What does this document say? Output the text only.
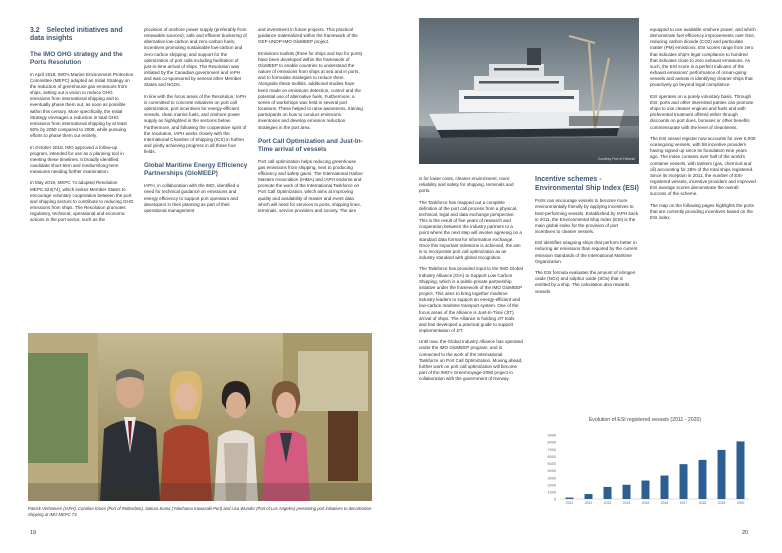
3.2 Selected initiatives and data insights
The IMO GHG strategy and the Ports Resolution

In April 2018, IMO's Marine Environment Protection Committee (MEPC) adopted an Initial Strategy on the reduction of greenhouse gas emissions from ships, setting out a vision to reduce GHG emissions from international shipping and to eventually phase them out, as soon as possible within this century. More specifically, the Initial Strategy envisages a reduction in total GHG emissions from international shipping by at least 50% by 2050 compared to 2008, while pursuing efforts to phase them out entirely.

In October 2018, IMO approved a follow-up program, intended for use as a planning tool in meeting these timelines. It broadly identified candidate short-term and medium/long-term measures needing further examination.

In May 2019, MEPC 74 adopted Resolution MEPC.323(74), which invites Member States to encourage voluntary cooperation between the port and shipping sectors to contribute to reducing GHG emissions from ships. The Resolution promotes regulatory, technical, operational and economic actions in the port sector, such as the

provision of onshore power supply (preferably from renewable sources); safe and efficient bunkering of alternative low-carbon and zero-carbon fuels; incentives promoting sustainable low-carbon and zero-carbon shipping; and support for the optimization of port calls including facilitation of just-in-time arrival of ships. The Resolution was initiated by the Canadian government and IAPH and was co-sponsored by several other Member States and NGOs.

In line with the focus areas of the Resolution, IAPH is committed to concrete initiatives on port call optimization, port incentives for energy-efficient vessels, clean marine fuels, and onshore power supply as highlighted in the sections below. Furthermore, and following the cooperative spirit of the resolution, IAPH works closely with the International Chamber of Shipping (ICS) in further and jointly achieving progress in all these four fields.

Global Maritime Energy Efficiency Partnerships (GloMEEP)

IAPH, in collaboration with the IMO, identified a need for technical guidance on emissions and energy efficiency to support port operators and developers in their planning as part of their operational management

and investment in future projects. This practical guidance materialized within the framework of the GEF-UNDP-IMO GloMEEP project.

Emissions toolkits (three for ships and two for ports) have been developed within the framework of GloMEEP to enable countries to understand the nature of emissions from ships at sea and in ports, and to formulate strategies to reduce them. Alongside these toolkits, additional studies have been made on emissions detection, control and the potential use of alternative fuels. Furthermore, a series of workshops was held in several port locations. These helped to raise awareness, training participants on how to conduct emissions inventories and develop emission reduction strategies in the port area.

Port Call Optimization and Just-In-Time arrival of vessels

Port call optimization helps reducing greenhouse gas emissions from shipping, next to producing efficiency and safety gains. The International Harbor Masters Association (IHMA) and IAPH endorse and promote the work of the International Taskforce on Port Call Optimization, which aims at improving quality and availability of master and event data which will need for services to ports, shipping lines, terminals, service providers and society. The aim

is for lower costs, cleaner environment, more reliability and safety for shipping, terminals and ports.

The Taskforce has mapped out a complete definition of the port call process from a physical, technical, legal and data exchange perspective. This is the result of five years of research and cooperation between the industry partners to a point where the next step will involve agreeing on a standard data format for information exchange. Once this important milestone is achieved, the aim is to incorporate port call optimization as an industry standard with global recognition.

The Taskforce has provided input to the IMO Global Industry Alliance (GIA) to Support Low Carbon Shipping, which is a public-private partnership initiative under the framework of the IMO GloMEEP project. This aims to bring together maritime industry leaders to support an energy-efficient and low-carbon maritime transport system. One of the focus areas of the Alliance is Just-In-Time (JIT) arrival of ships. The Alliance is holding JIT trials and has developed a practical guide to support implementation of JIT.

Until now, the Global Industry Alliance has operated under the IMO GloMEEP program, and is connected to the work of the International Taskforce on Port Call Optimization. Moving ahead, further work on port call optimization will become part of the IMO's GreenVoyage-2050 project in collaboration with the government of Norway.

Incentive schemes - Environmental Ship Index (ESI)

Ports can encourage vessels to become more environmentally friendly by applying incentives to best-performing vessels. Established by IAPH back in 2011, the Environmental Ship Index (ESI) is the main global index for the provision of port incentives to cleaner vessels.

ESI identifies seagoing ships that perform better in reducing air emissions than required by the current emission standards of the International Maritime Organization.

The ESI formula evaluates the amount of nitrogen oxide (NOx) and sulphur oxide (SOx) that is emitted by a ship. The calculation also rewards vessels

equipped to use available onshore power, and which demonstrate fuel efficiency improvements over time, reducing carbon dioxide (CO2) and particulate matter (PM) emissions. ESI scores range from zero that indicates ship's legal compliance to hundred that indicates close to zero exhaust emissions. As such, the ESI score is a perfect indicator of the exhaust emissions' performance of ocean-going vessels and assists in identifying cleaner ships that proactively go beyond legal compliance.

ESI operates on a purely voluntary basis. Through ESI, ports and other interested parties can promote ships to use cleaner engines and fuels and with preferential treatment offered either through discounts on port dues, bonuses or other benefits commensurate with the level of cleanliness.

The ESI vessel register now accounts for over 8,000 oceangoing vessels, with 58 incentive providers having signed up since its foundation nine years ago. The Index contains over half of the world's container vessels, with tankers (gas, chemical and oil) accounting for 28% of the total ships registered. Since its inception in 2011, the number of ESI-registered vessels, incentive providers and improved ESI average scores demonstrate the overall success of the scheme.

The map on the following pages highlights the ports that are currently providing incentives based on the ESI index.

Courtesy Port of Helsinki
Patrick Verhoeven (IAPH), Caroline Kroes (Port of Rotterdam), Sakura Kuma (Yokohama Kawasaki Port) and Lisa Wunder (Port of Los Angeles) presenting port initiatives to decarbonise shipping at IMO MEPC 73.
Evolution of ESI registered vessels (2011 - 2020)
0
1000
2000
3000
4000
5000
6000
7000
8000
9000
2011	2012	2013	2014	2015	2016	2017	2018	2019	2020
19	20
